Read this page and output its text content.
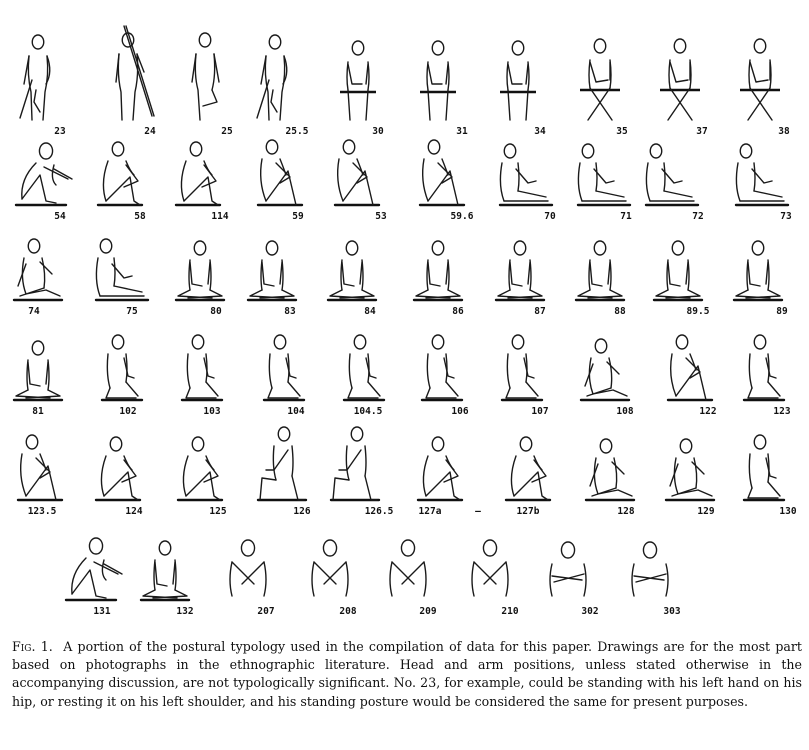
23	24	25	25.5	30	31	34	35	37	38
54	58	114	59	53	59.6	70	71	72	73
74	75	80	83	84	86	87	88	89.5	89
81	102	103	104	104.5	106	107	108	122	123
123.5	124	125	126	126.5	127a	127b	128	129	130
131	132	207	208	209	210	302	303
–

Fig. 1. A portion of the postural typology used in the compilation of data for this paper. Drawings are for the most part based on photographs in the ethnographic literature. Head and arm positions, unless stated otherwise in the accompanying discussion, are not typologically significant. No. 23, for example, could be standing with his left hand on his hip, or resting it on his left shoulder, and his standing posture would be considered the same for present purposes.
